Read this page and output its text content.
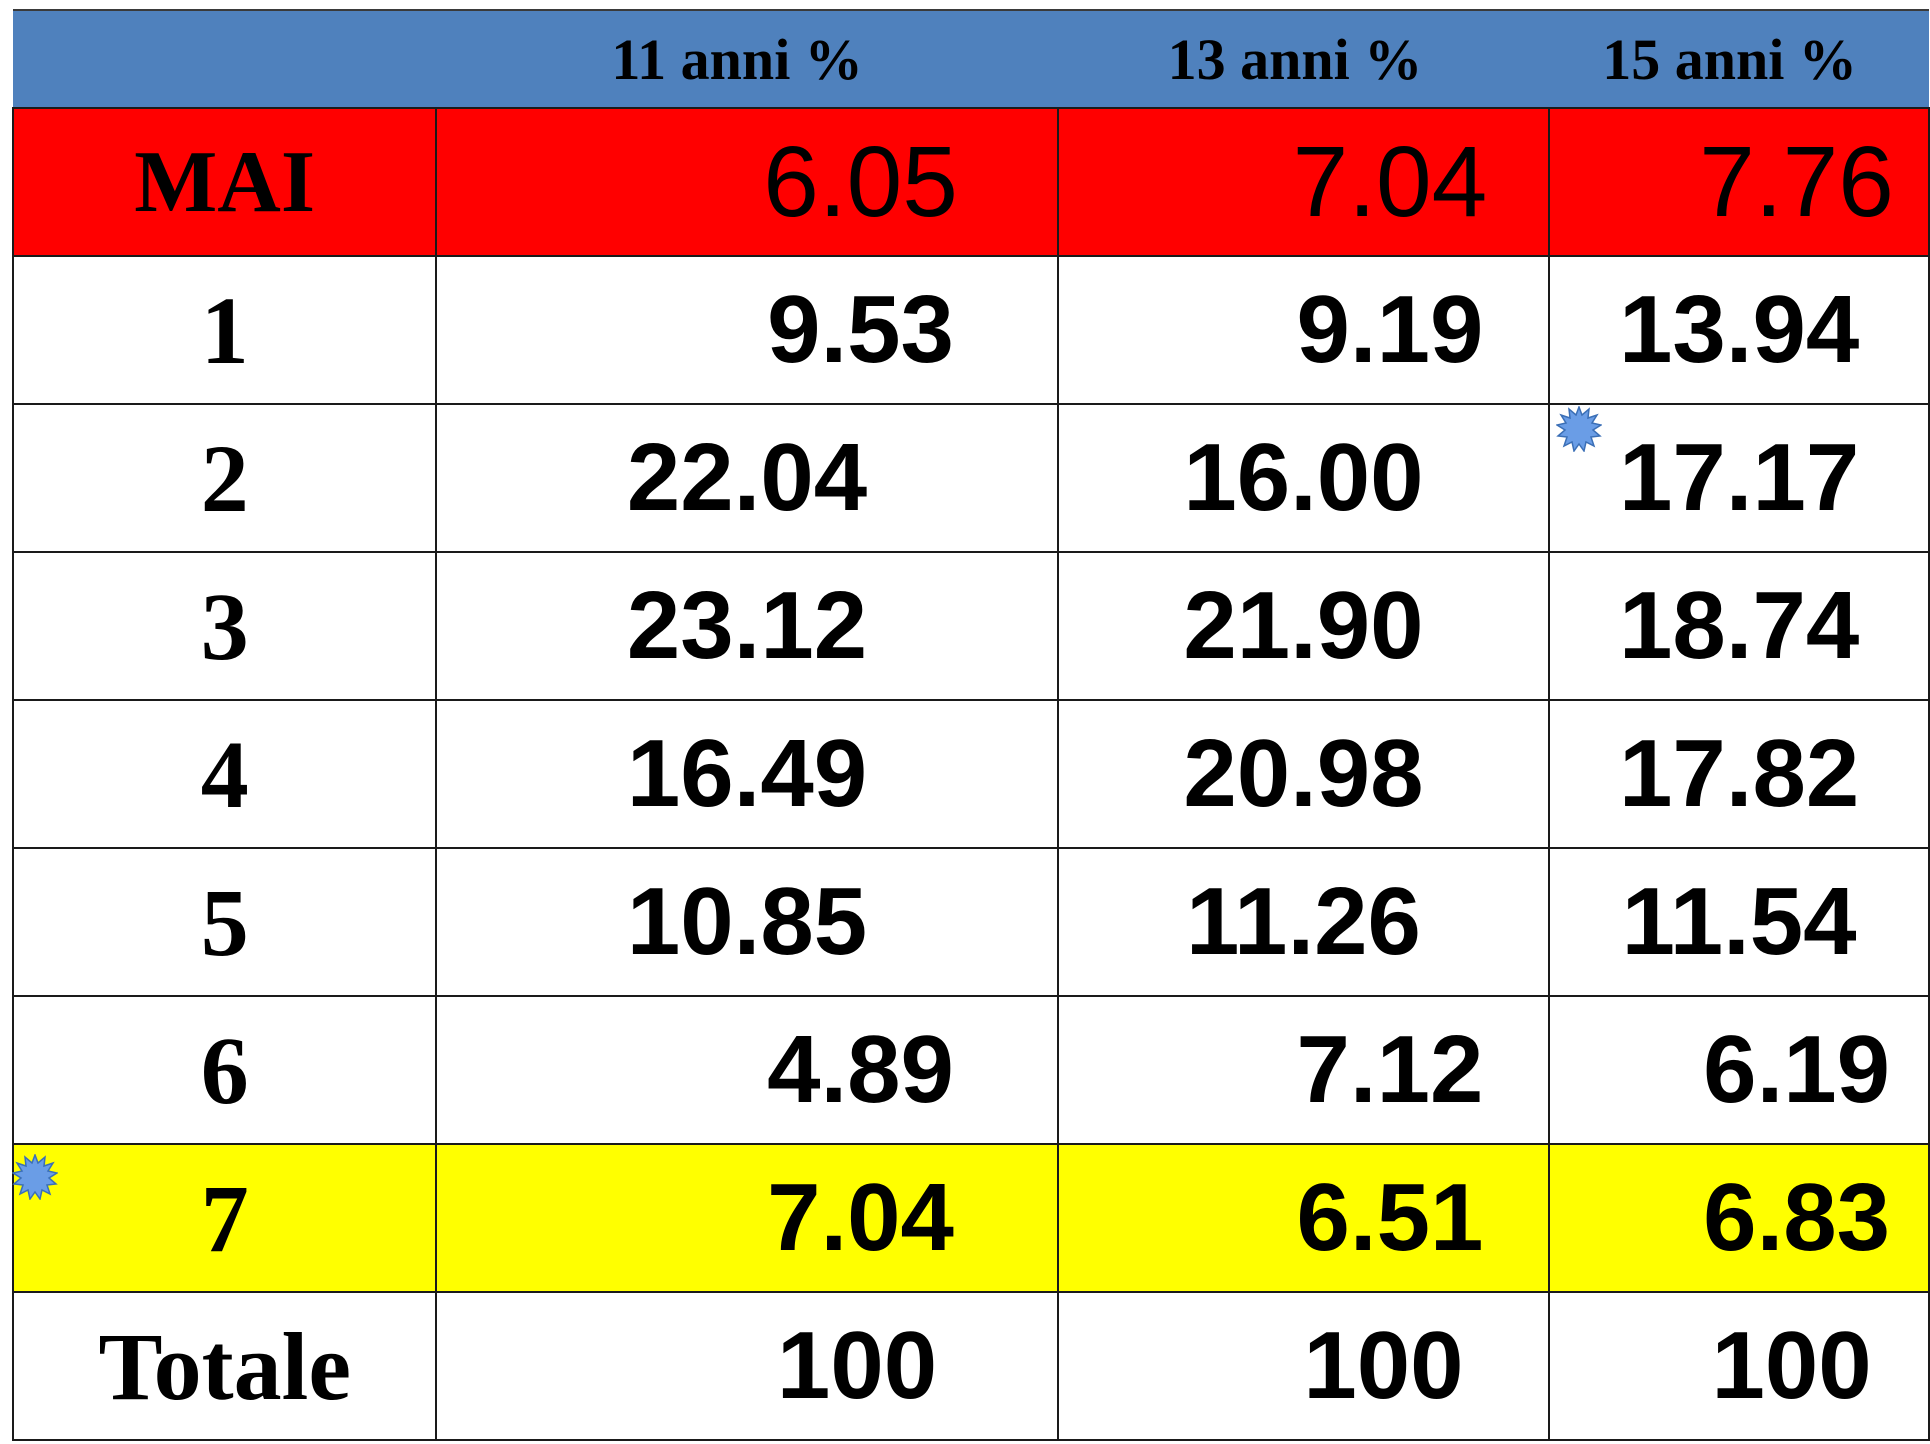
	11 anni %	13 anni %	15 anni %
MAI	6.05	7.04	7.76
1	9.53	9.19	13.94
2	22.04	16.00	17.17
3	23.12	21.90	18.74
4	16.49	20.98	17.82
5	10.85	11.26	11.54
6	4.89	7.12	6.19
7	7.04	6.51	6.83
Totale	100	100	100
